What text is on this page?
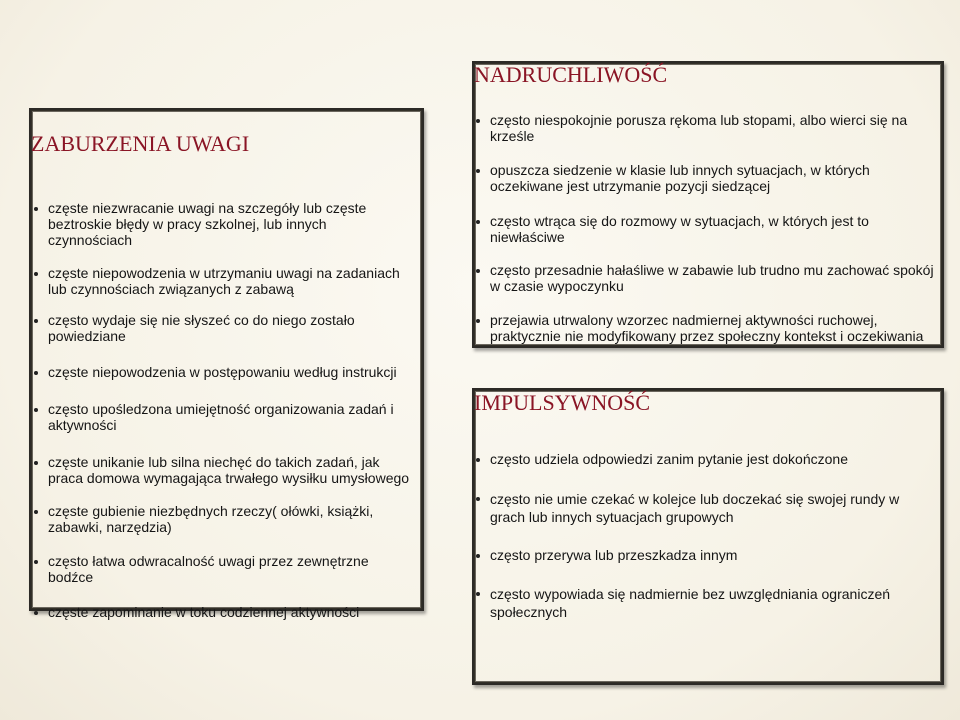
ZABURZENIA UWAGI
częste niezwracanie uwagi na szczegóły lub częste beztroskie błędy w pracy szkolnej, lub innych czynnościach
częste niepowodzenia w utrzymaniu uwagi na zadaniach lub czynnościach związanych z zabawą
często wydaje się nie słyszeć co do niego zostało powiedziane
częste niepowodzenia w postępowaniu według instrukcji
często upośledzona umiejętność organizowania zadań i aktywności
częste unikanie lub silna niechęć do takich zadań, jak praca domowa wymagająca trwałego wysiłku umysłowego
częste gubienie niezbędnych rzeczy( ołówki, książki, zabawki, narzędzia)
często łatwa odwracalność uwagi przez zewnętrzne bodźce
częste zapominanie w toku codziennej aktywności
NADRUCHLIWOŚĆ
często niespokojnie porusza rękoma lub stopami, albo wierci się na krześle
opuszcza siedzenie w klasie lub innych sytuacjach, w których oczekiwane jest utrzymanie pozycji siedzącej
często wtrąca się do rozmowy w sytuacjach, w których jest to niewłaściwe
często przesadnie hałaśliwe w zabawie lub trudno mu zachować spokój w czasie wypoczynku
przejawia utrwalony wzorzec nadmiernej aktywności ruchowej, praktycznie nie modyfikowany przez społeczny kontekst i oczekiwania
IMPULSYWNOŚĆ
często udziela odpowiedzi zanim pytanie jest dokończone
często nie umie czekać w kolejce lub doczekać się swojej rundy w grach lub innych sytuacjach grupowych
często przerywa lub przeszkadza innym
często wypowiada się nadmiernie bez uwzględniania ograniczeń społecznych
